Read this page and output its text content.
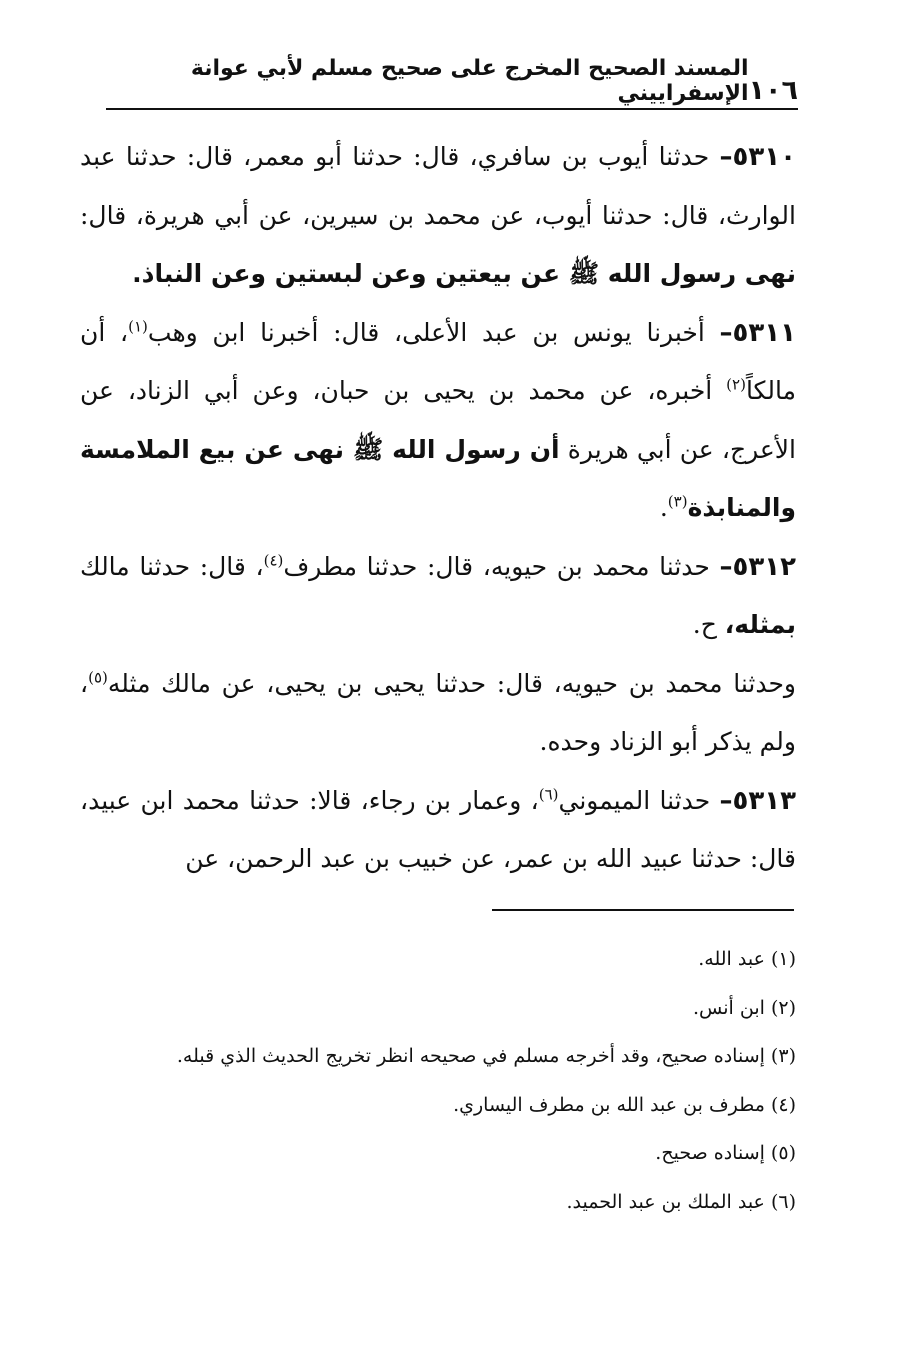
١٠٦
المسند الصحيح المخرج على صحيح مسلم لأبي عوانة الإسفراييني

٥٣١٠– حدثنا أيوب بن سافري، قال: حدثنا أبو معمر، قال: حدثنا عبد الوارث، قال: حدثنا أيوب، عن محمد بن سيرين، عن أبي هريرة، قال: نهى رسول الله ﷺ عن بيعتين وعن لبستين وعن النباذ.

٥٣١١– أخبرنا يونس بن عبد الأعلى، قال: أخبرنا ابن وهب$^{(١)}$، أن مالكاً$^{(٢)}$ أخبره، عن محمد بن يحيى بن حبان، وعن أبي الزناد، عن الأعرج، عن أبي هريرة أن رسول الله ﷺ نهى عن بيع الملامسة والمنابذة$^{(٣)}$.

٥٣١٢– حدثنا محمد بن حيويه، قال: حدثنا مطرف$^{(٤)}$، قال: حدثنا مالك بمثله، ح.

وحدثنا محمد بن حيويه، قال: حدثنا يحيى بن يحيى، عن مالك مثله$^{(٥)}$، ولم يذكر أبو الزناد وحده.

٥٣١٣– حدثنا الميموني$^{(٦)}$، وعمار بن رجاء، قالا: حدثنا محمد ابن عبيد، قال: حدثنا عبيد الله بن عمر، عن خبيب بن عبد الرحمن، عن

(١) عبد الله.
(٢) ابن أنس.
(٣) إسناده صحيح، وقد أخرجه مسلم في صحيحه انظر تخريج الحديث الذي قبله.
(٤) مطرف بن عبد الله بن مطرف اليساري.
(٥) إسناده صحيح.
(٦) عبد الملك بن عبد الحميد.
